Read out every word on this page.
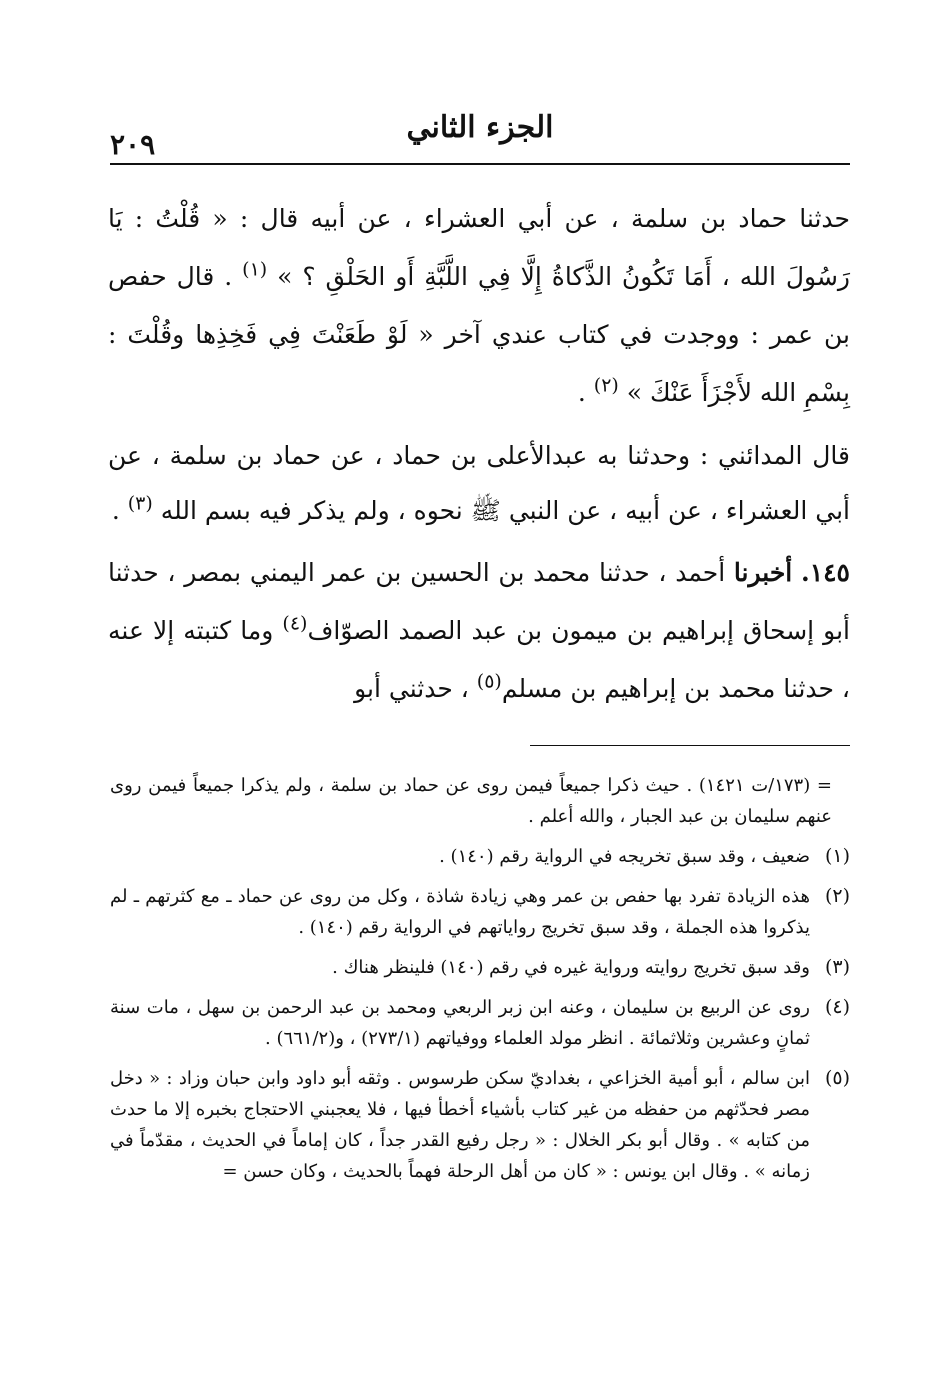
الجزء الثاني
٢٠٩

حدثنا حماد بن سلمة ، عن أبي العشراء ، عن أبيه قال : « قُلْتُ : يَا رَسُولَ الله ، أَمَا تَكُونُ الذَّكاةُ إِلَّا فِي اللَّبَّةِ أَو الحَلْقِ ؟ » $^{(١)}$ . قال حفص بن عمر : ووجدت في كتاب عندي آخر « لَوْ طَعَنْتَ فِي فَخِذِها وقُلْتَ : بِسْمِ الله لأَجْزَأَ عَنْكَ » $^{(٢)}$ .

قال المدائني : وحدثنا به عبدالأعلى بن حماد ، عن حماد بن سلمة ، عن أبي العشراء ، عن أبيه ، عن النبي ﷺ نحوه ، ولم يذكر فيه بسم الله $^{(٣)}$ .

١٤٥. أخبرنا أحمد ، حدثنا محمد بن الحسين بن عمر اليمني بمصر ، حدثنا أبو إسحاق إبراهيم بن ميمون بن عبد الصمد الصوّاف$^{(٤)}$ وما كتبته إلا عنه ، حدثنا محمد بن إبراهيم بن مسلم$^{(٥)}$ ، حدثني أبو

= (١٧٣/ت ١٤٢١) . حيث ذكرا جميعاً فيمن روى عن حماد بن سلمة ، ولم يذكرا جميعاً فيمن روى عنهم سليمان بن عبد الجبار ، والله أعلم .

(١)
ضعيف ، وقد سبق تخريجه في الرواية رقم (١٤٠) .

(٢)
هذه الزيادة تفرد بها حفص بن عمر وهي زيادة شاذة ، وكل من روى عن حماد ـ مع كثرتهم ـ لم يذكروا هذه الجملة ، وقد سبق تخريج رواياتهم في الرواية رقم (١٤٠) .

(٣)
وقد سبق تخريج روايته ورواية غيره في رقم (١٤٠) فلينظر هناك .

(٤)
روى عن الربيع بن سليمان ، وعنه ابن زبر الربعي ومحمد بن عبد الرحمن بن سهل ، مات سنة ثمانٍ وعشرين وثلاثمائة . انظر مولد العلماء ووفياتهم (٢٧٣/١) ، و(٦٦١/٢) .

(٥)
ابن سالم ، أبو أمية الخزاعي ، بغداديّ سكن طرسوس . وثقه أبو داود وابن حبان وزاد : « دخل مصر فحدّثهم من حفظه من غير كتاب بأشياء أخطأ فيها ، فلا يعجبني الاحتجاج بخبره إلا ما حدث من كتابه » . وقال أبو بكر الخلال : « رجل رفيع القدر جداً ، كان إماماً في الحديث ، مقدّماً في زمانه » . وقال ابن يونس : « كان من أهل الرحلة فهماً بالحديث ، وكان حسن =
